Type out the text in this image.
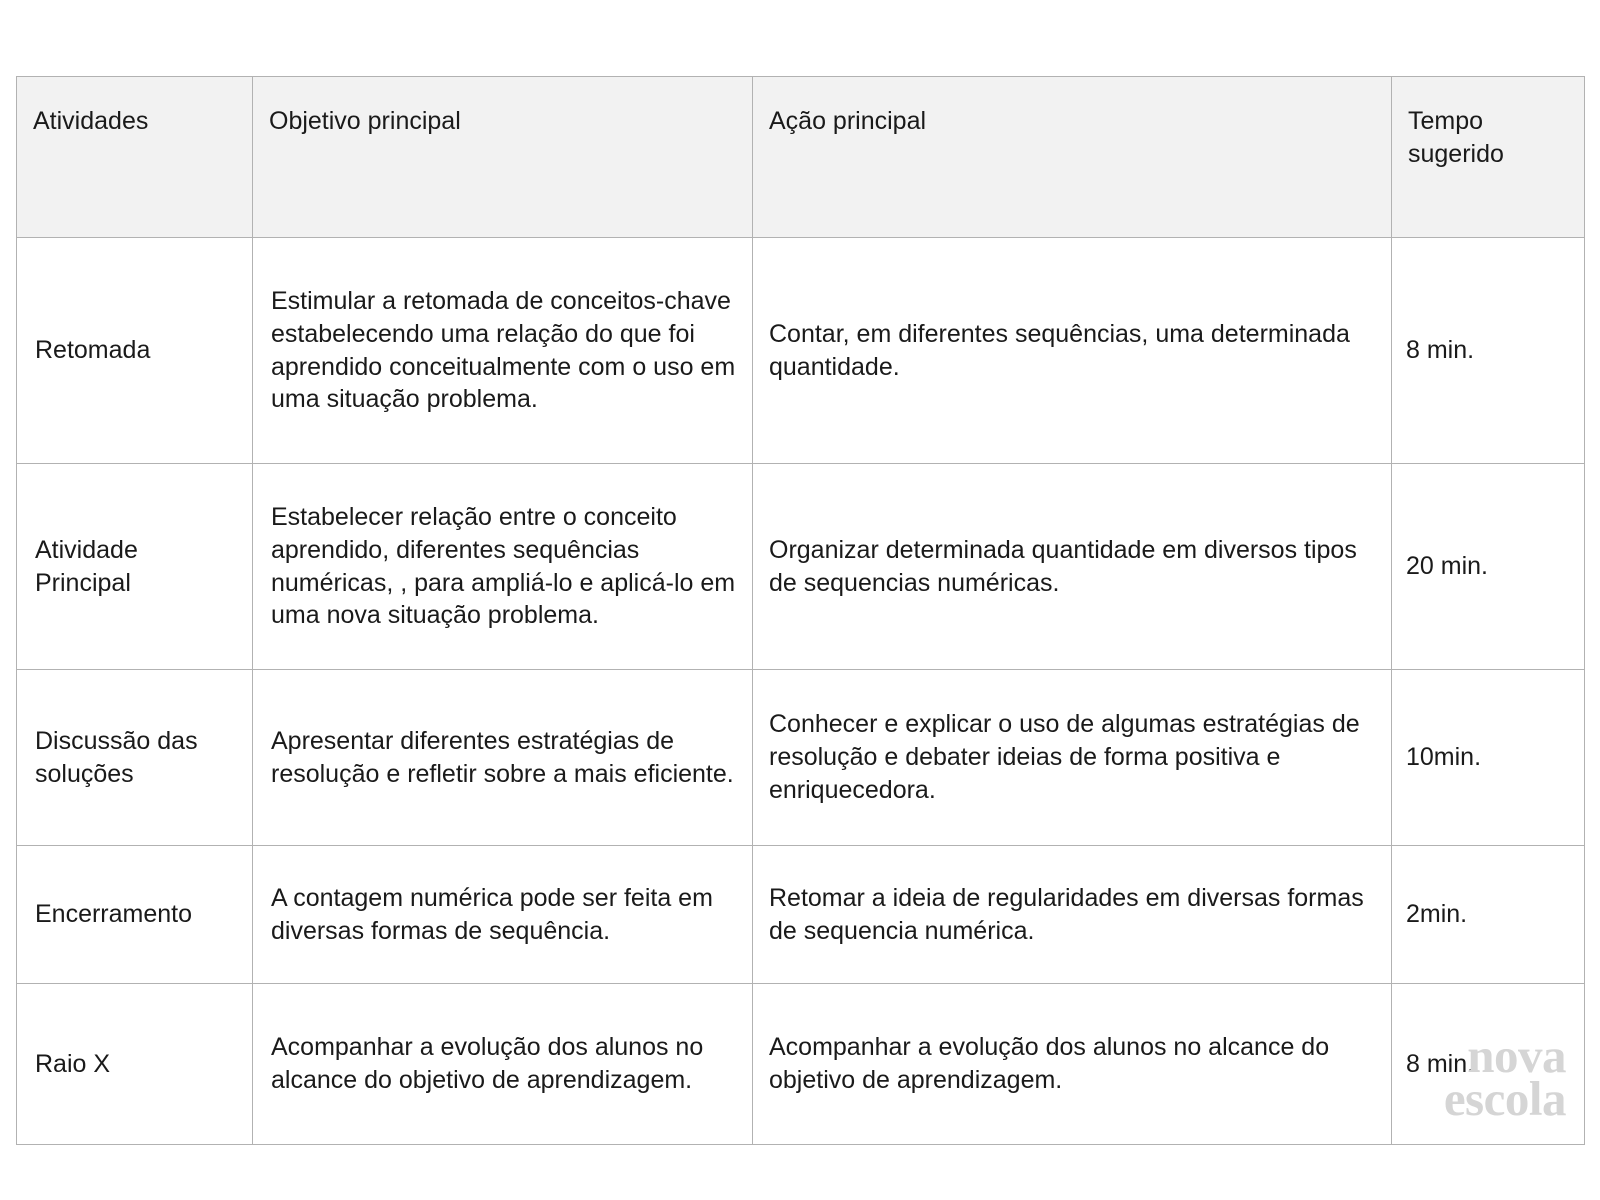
Atividades	Objetivo principal	Ação principal	Tempo sugerido
Retomada	Estimular a retomada de conceitos-chave estabelecendo uma relação do que foi aprendido conceitualmente com o uso em uma situação problema.	Contar, em diferentes sequências, uma determinada quantidade.	8 min.
Atividade Principal	Estabelecer relação entre o conceito aprendido, diferentes sequências numéricas, , para ampliá-lo e aplicá-lo em uma nova situação problema.	Organizar determinada quantidade em diversos tipos de sequencias numéricas.	20 min.
Discussão das soluções	Apresentar diferentes estratégias de resolução e refletir sobre a mais eficiente.	Conhecer e explicar o uso de algumas estratégias de resolução e debater ideias de forma positiva e enriquecedora.	10min.
Encerramento	A contagem numérica pode ser feita em diversas formas de sequência.	Retomar a ideia de regularidades em diversas formas de sequencia numérica.	2min.
Raio X	Acompanhar a evolução dos alunos no alcance do objetivo de aprendizagem.	Acompanhar a evolução dos alunos no alcance do objetivo de aprendizagem.	8 min.
nova
escola
